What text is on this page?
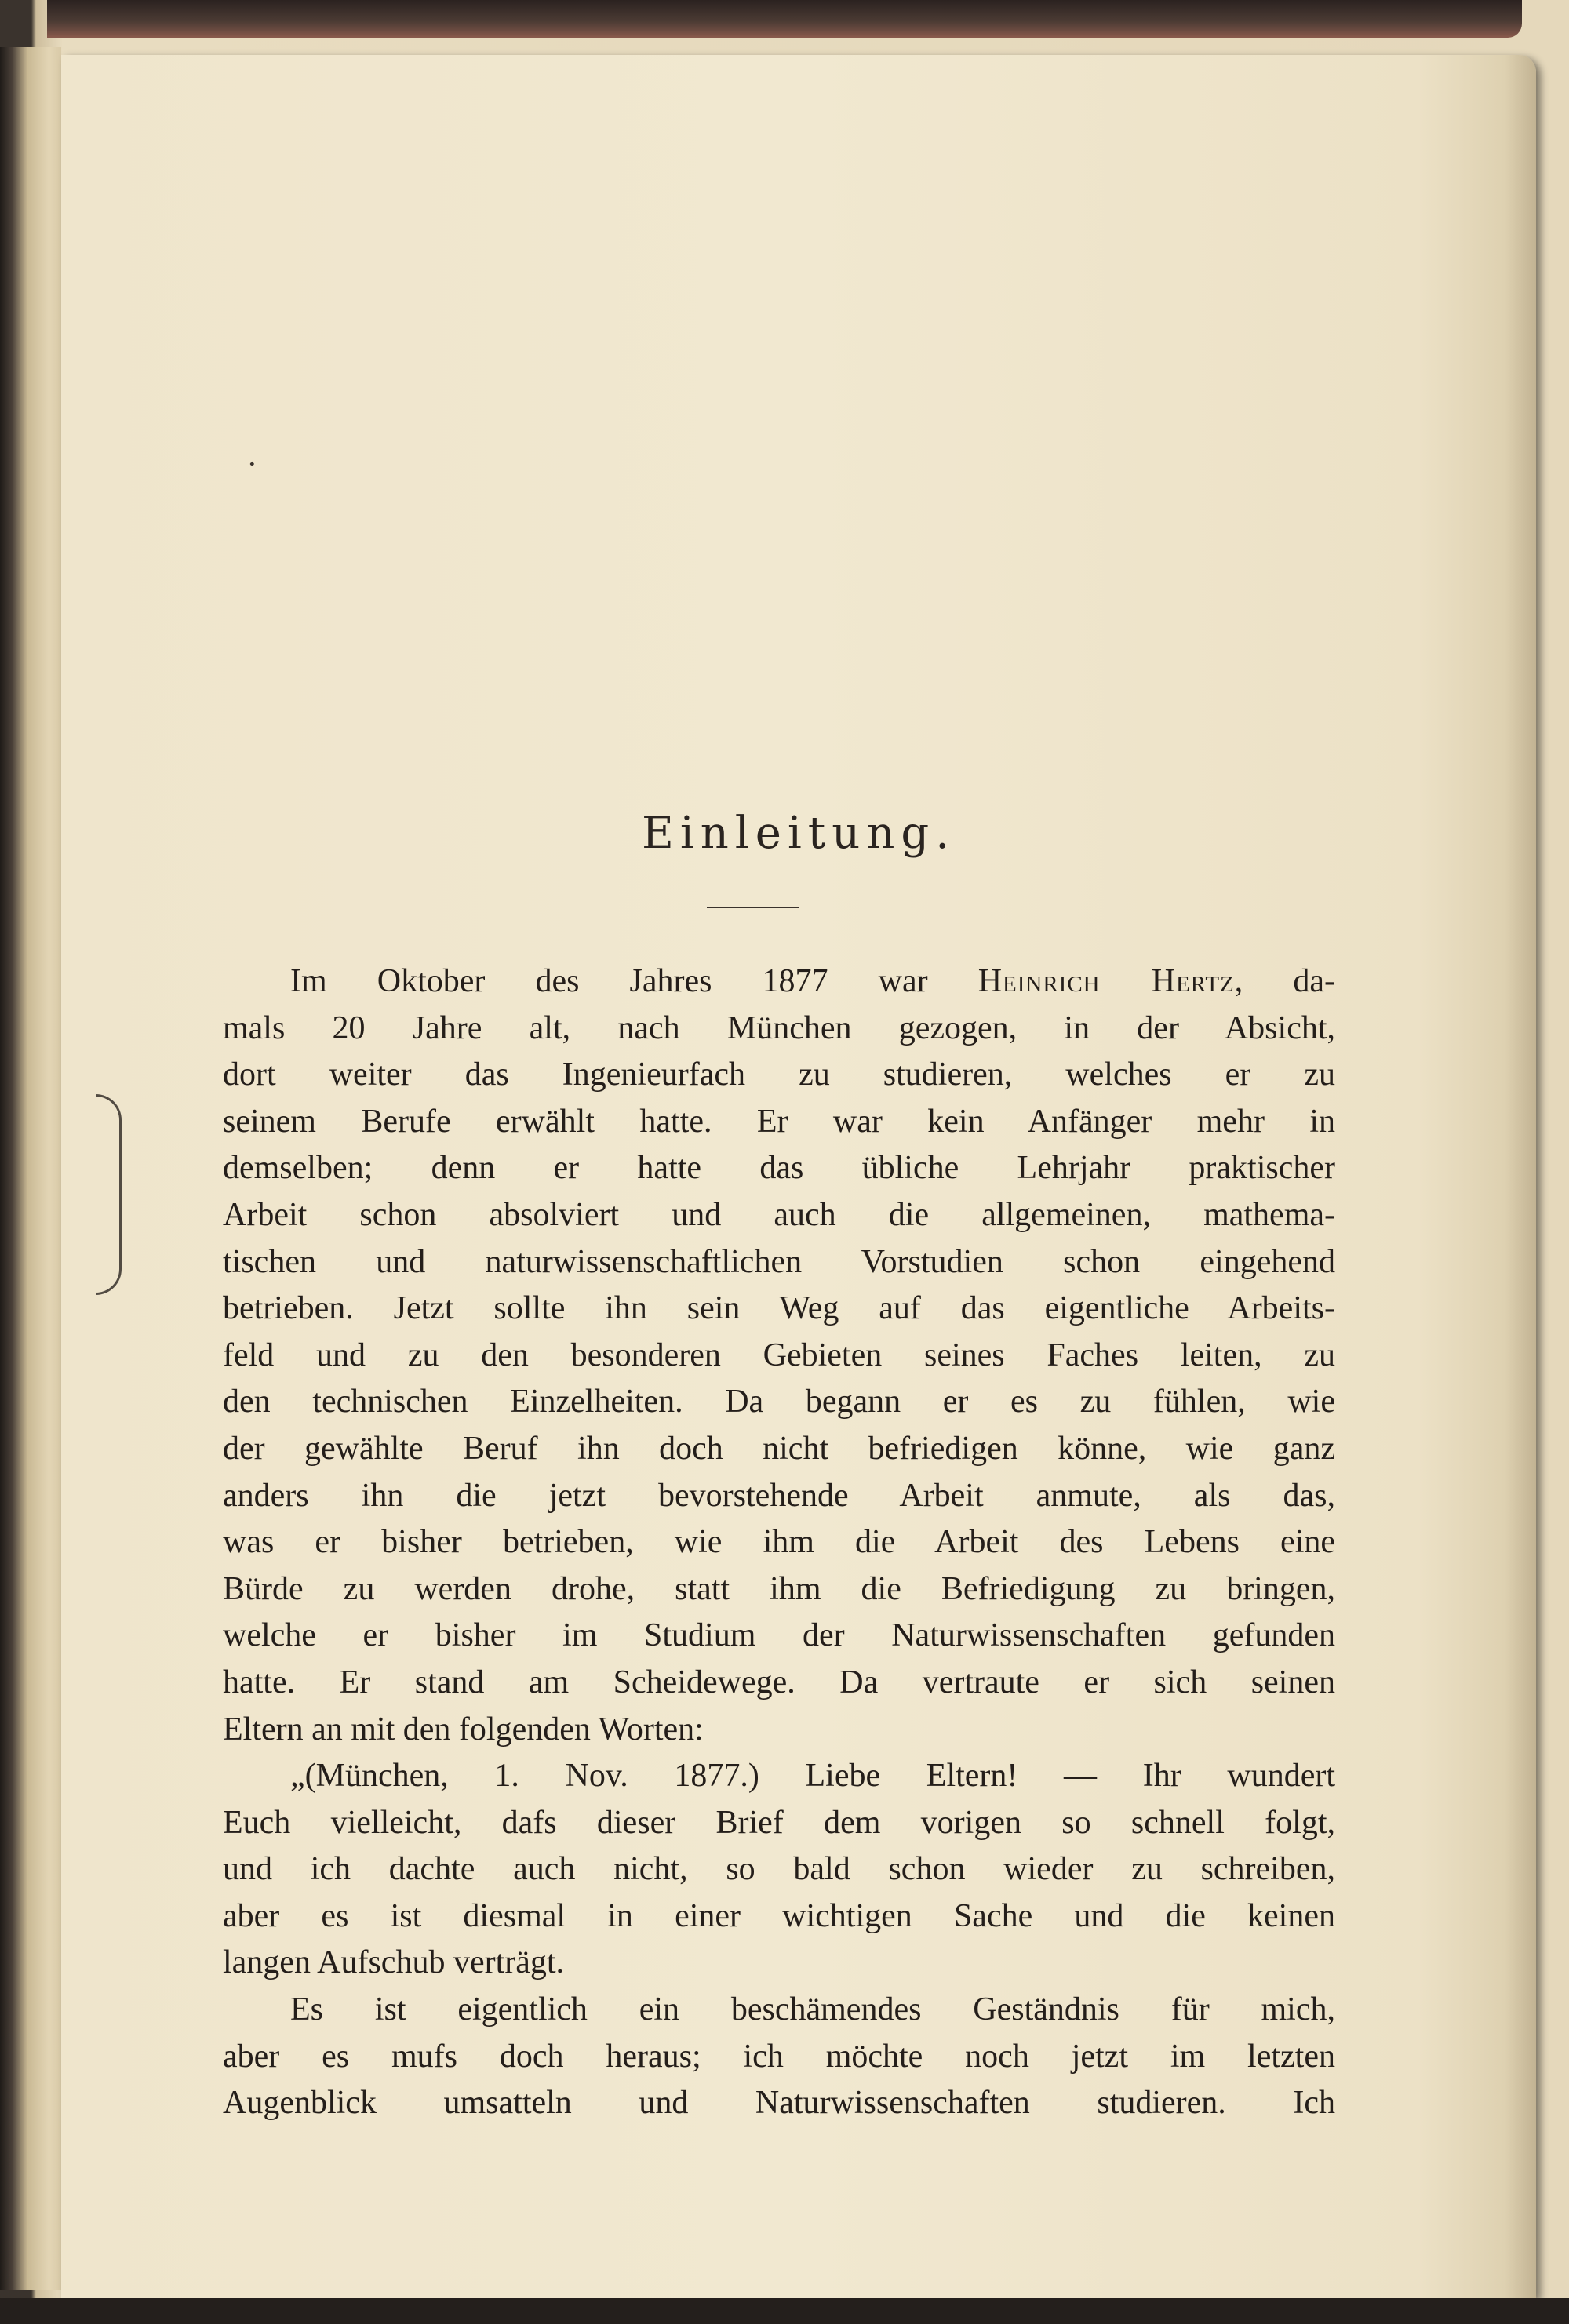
•
Einleitung.
Im Oktober des Jahres 1877 war Heinrich Hertz, da-
mals 20 Jahre alt, nach München gezogen, in der Absicht,
dort weiter das Ingenieurfach zu studieren, welches er zu
seinem Berufe erwählt hatte. Er war kein Anfänger mehr in
demselben; denn er hatte das übliche Lehrjahr praktischer
Arbeit schon absolviert und auch die allgemeinen, mathema-
tischen und naturwissenschaftlichen Vorstudien schon eingehend
betrieben. Jetzt sollte ihn sein Weg auf das eigentliche Arbeits-
feld und zu den besonderen Gebieten seines Faches leiten, zu
den technischen Einzelheiten. Da begann er es zu fühlen, wie
der gewählte Beruf ihn doch nicht befriedigen könne, wie ganz
anders ihn die jetzt bevorstehende Arbeit anmute, als das,
was er bisher betrieben, wie ihm die Arbeit des Lebens eine
Bürde zu werden drohe, statt ihm die Befriedigung zu bringen,
welche er bisher im Studium der Naturwissenschaften gefunden
hatte. Er stand am Scheidewege. Da vertraute er sich seinen
Eltern an mit den folgenden Worten:
„(München, 1. Nov. 1877.) Liebe Eltern! — Ihr wundert
Euch vielleicht, dafs dieser Brief dem vorigen so schnell folgt,
und ich dachte auch nicht, so bald schon wieder zu schreiben,
aber es ist diesmal in einer wichtigen Sache und die keinen
langen Aufschub verträgt.
Es ist eigentlich ein beschämendes Geständnis für mich,
aber es mufs doch heraus; ich möchte noch jetzt im letzten
Augenblick umsatteln und Naturwissenschaften studieren. Ich
